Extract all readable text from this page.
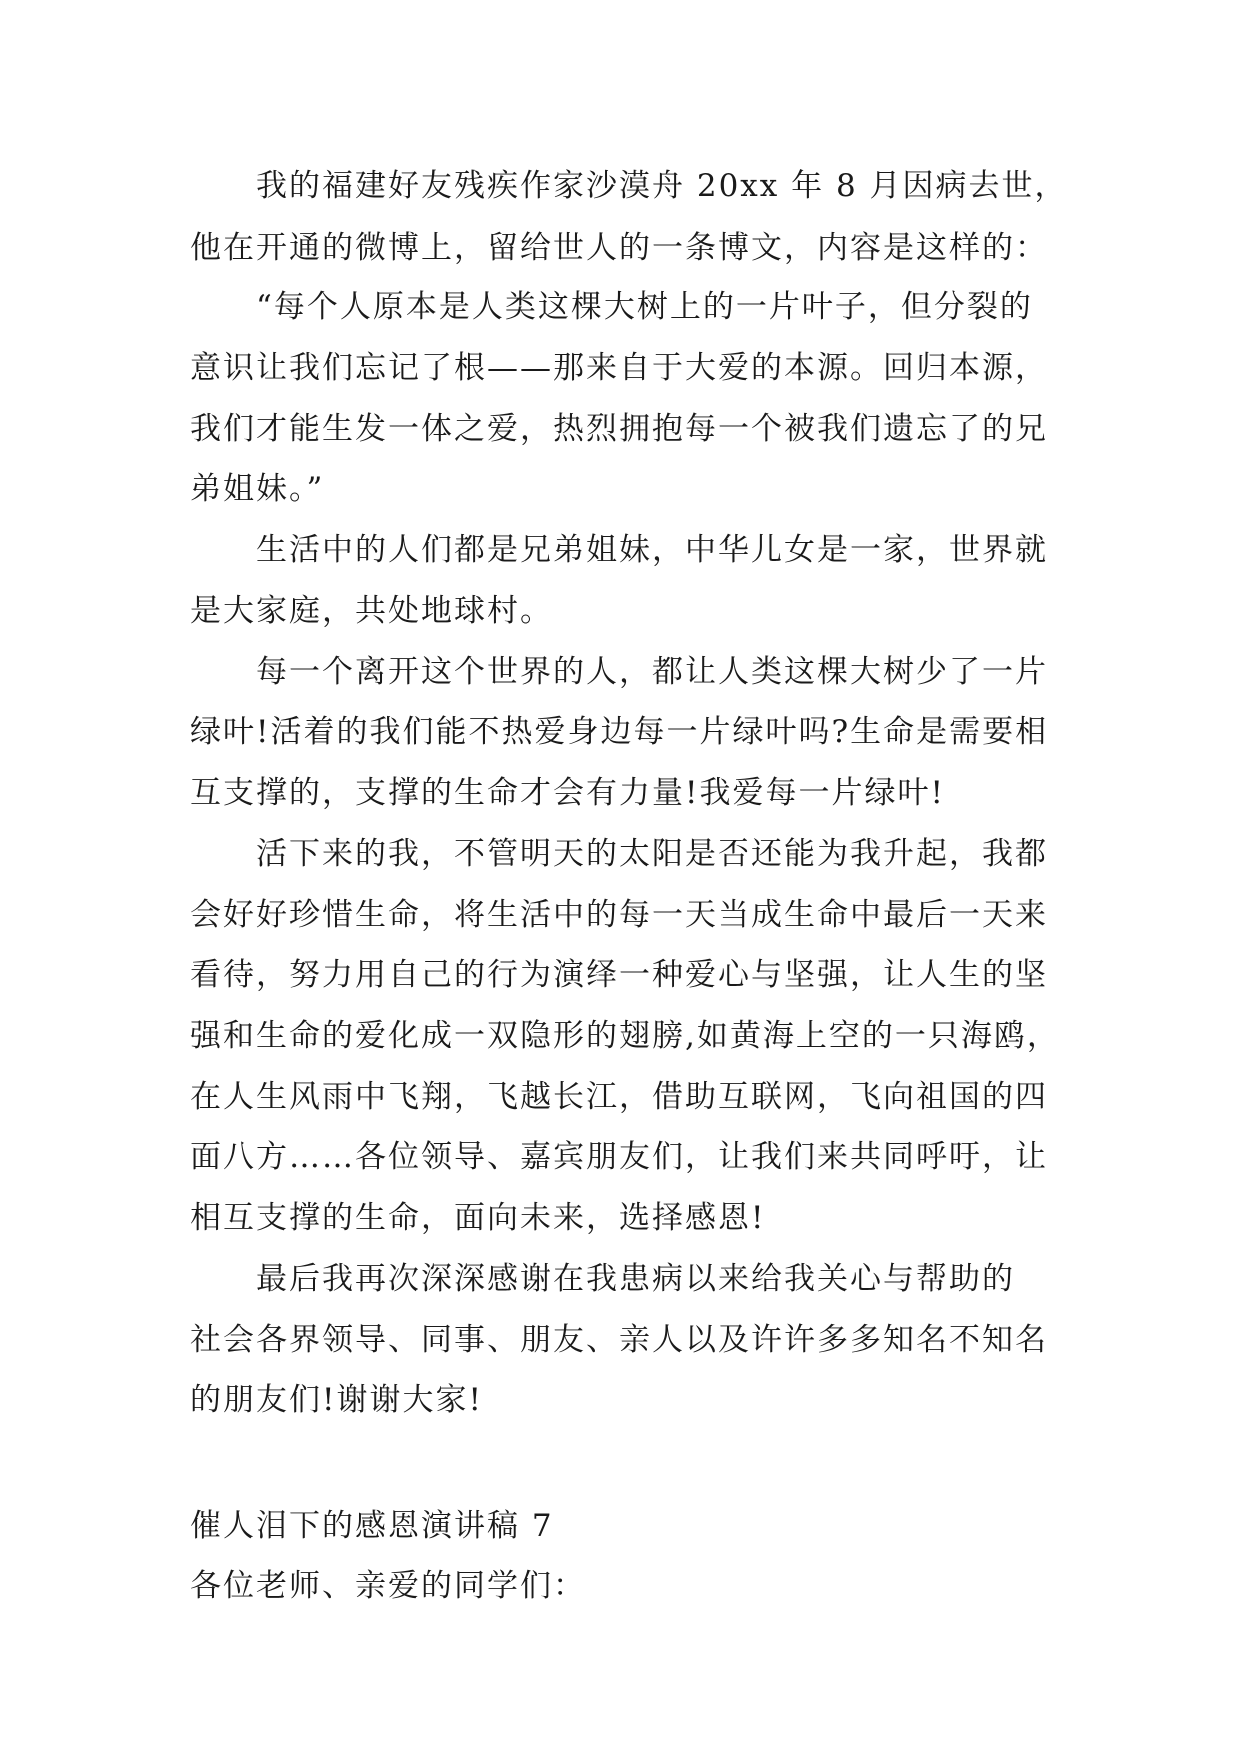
我的福建好友残疾作家沙漠舟 20xx 年 8 月因病去世，
他在开通的微博上，留给世人的一条博文，内容是这样的：
“每个人原本是人类这棵大树上的一片叶子，但分裂的
意识让我们忘记了根——那来自于大爱的本源。回归本源，
我们才能生发一体之爱，热烈拥抱每一个被我们遗忘了的兄
弟姐妹。”
生活中的人们都是兄弟姐妹，中华儿女是一家，世界就
是大家庭，共处地球村。
每一个离开这个世界的人，都让人类这棵大树少了一片
绿叶!活着的我们能不热爱身边每一片绿叶吗?生命是需要相
互支撑的，支撑的生命才会有力量!我爱每一片绿叶!
活下来的我，不管明天的太阳是否还能为我升起，我都
会好好珍惜生命，将生活中的每一天当成生命中最后一天来
看待，努力用自己的行为演绎一种爱心与坚强，让人生的坚
强和生命的爱化成一双隐形的翅膀,如黄海上空的一只海鸥，
在人生风雨中飞翔，飞越长江，借助互联网，飞向祖国的四
面八方……各位领导、嘉宾朋友们，让我们来共同呼吁，让
相互支撑的生命，面向未来，选择感恩!
最后我再次深深感谢在我患病以来给我关心与帮助的
社会各界领导、同事、朋友、亲人以及许许多多知名不知名
的朋友们!谢谢大家!
催人泪下的感恩演讲稿 7
各位老师、亲爱的同学们：
